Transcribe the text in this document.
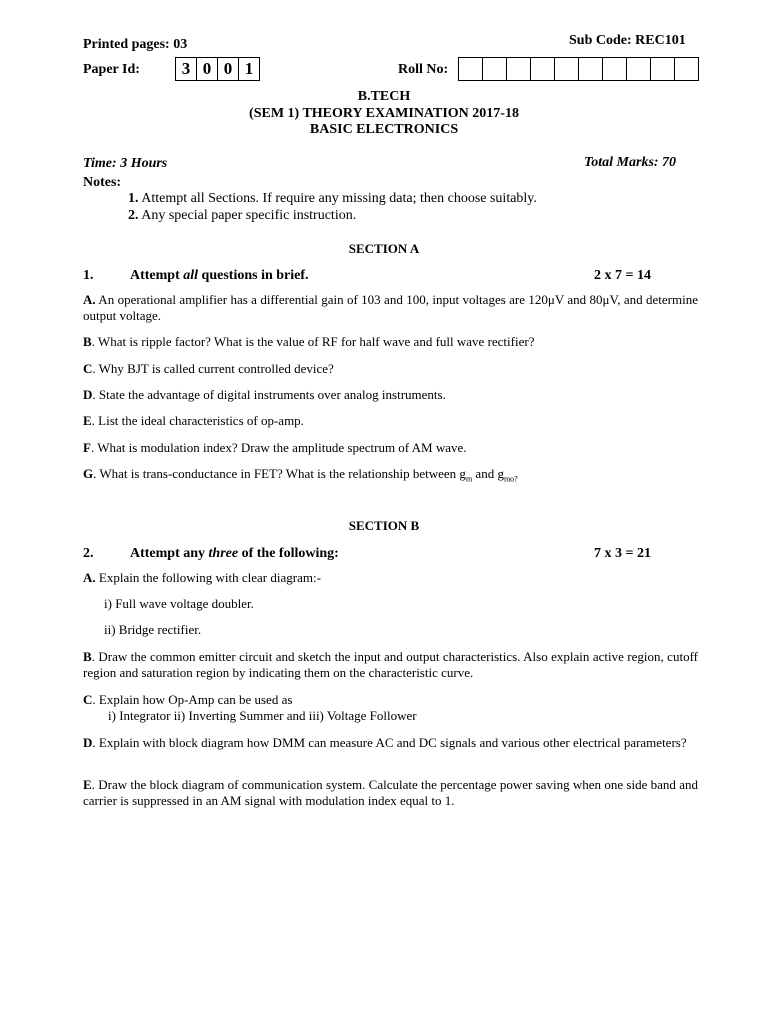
Printed pages: 03	Sub Code: REC101
Paper Id:	3 0 0 1	Roll No:
B.TECH
(SEM 1) THEORY EXAMINATION 2017-18
BASIC ELECTRONICS
Time: 3 Hours	Total Marks: 70
Notes:
1. Attempt all Sections. If require any missing data; then choose suitably.
2. Any special paper specific instruction.
SECTION A
1.	Attempt all questions in brief.	2 x 7 = 14
A. An operational amplifier has a differential gain of 103 and 100, input voltages are 120μV and 80μV, and determine output voltage.
B. What is ripple factor? What is the value of RF for half wave and full wave rectifier?
C. Why BJT is called current controlled device?
D. State the advantage of digital instruments over analog instruments.
E. List the ideal characteristics of op-amp.
F. What is modulation index? Draw the amplitude spectrum of AM wave.
G. What is trans-conductance in FET? What is the relationship between $g_m$ and $g_{mo?}$
SECTION B
2.	Attempt any three of the following:	7 x 3 = 21
A. Explain the following with clear diagram:-
i) Full wave voltage doubler.
ii) Bridge rectifier.
B. Draw the common emitter circuit and sketch the input and output characteristics. Also explain active region, cutoff region and saturation region by indicating them on the characteristic curve.
C. Explain how Op-Amp can be used as
i) Integrator ii) Inverting Summer and iii) Voltage Follower
D. Explain with block diagram how DMM can measure AC and DC signals and various other electrical parameters?
E. Draw the block diagram of communication system. Calculate the percentage power saving when one side band and carrier is suppressed in an AM signal with modulation index equal to 1.
